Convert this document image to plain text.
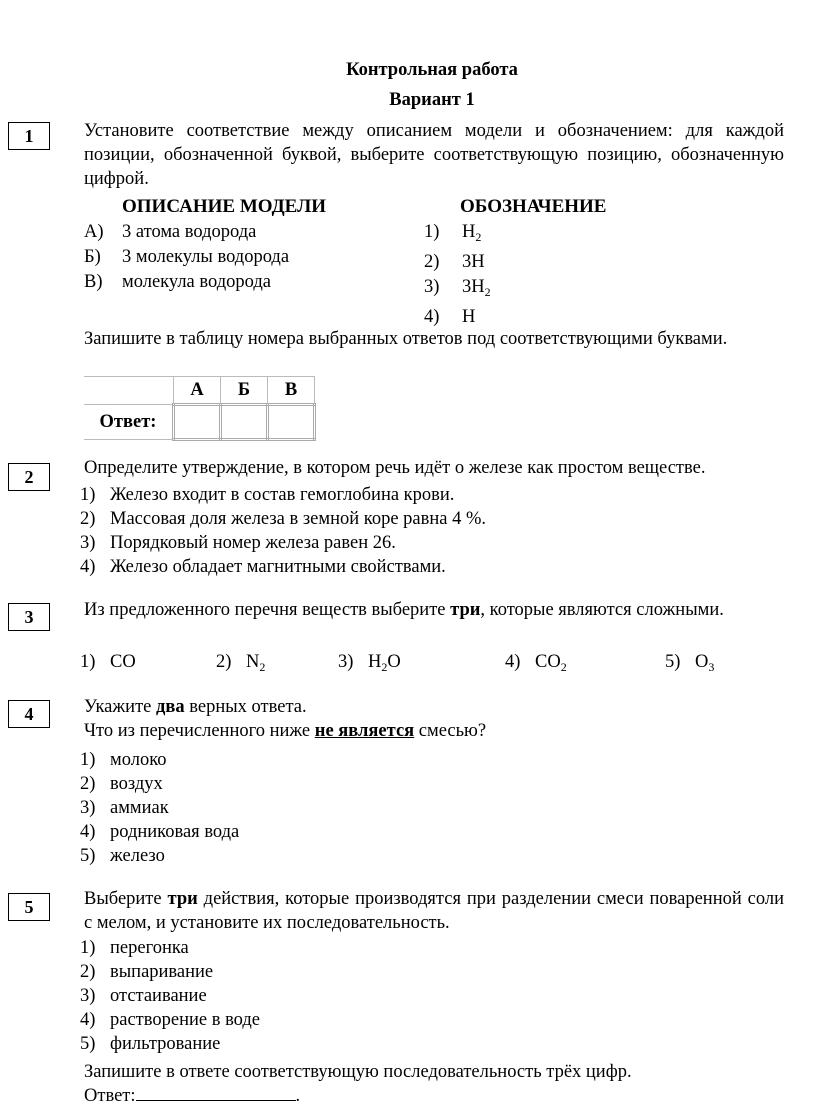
Контрольная работа
Вариант 1
1	Установите соответствие между описанием модели и обозначением: для каждой позиции, обозначенной буквой, выберите соответствующую позицию, обозначенную цифрой.
ОПИСАНИЕ МОДЕЛИ	ОБОЗНАЧЕНИЕ
А) 3 атома водорода
Б) 3 молекулы водорода
В) молекула водорода
1) $H_2$
2) 3H
3) $3H_2$
4) H
Запишите в таблицу номера выбранных ответов под соответствующими буквами.
	А	Б	В
Ответ:			
2	Определите утверждение, в котором речь идёт о железе как простом веществе.
1) Железо входит в состав гемоглобина крови.
2) Массовая доля железа в земной коре равна 4 %.
3) Порядковый номер железа равен 26.
4) Железо обладает магнитными свойствами.
3	Из предложенного перечня веществ выберите три, которые являются сложными.
1) CO	2) $N_2$	3) $H_2O$	4) $CO_2$	5) $O_3$
4	Укажите два верных ответа.
Что из перечисленного ниже не является смесью?
1) молоко
2) воздух
3) аммиак
4) родниковая вода
5) железо
5	Выберите три действия, которые производятся при разделении смеси поваренной соли с мелом, и установите их последовательность.
1) перегонка
2) выпаривание
3) отстаивание
4) растворение в воде
5) фильтрование
Запишите в ответе соответствующую последовательность трёх цифр.
Ответ:	.
